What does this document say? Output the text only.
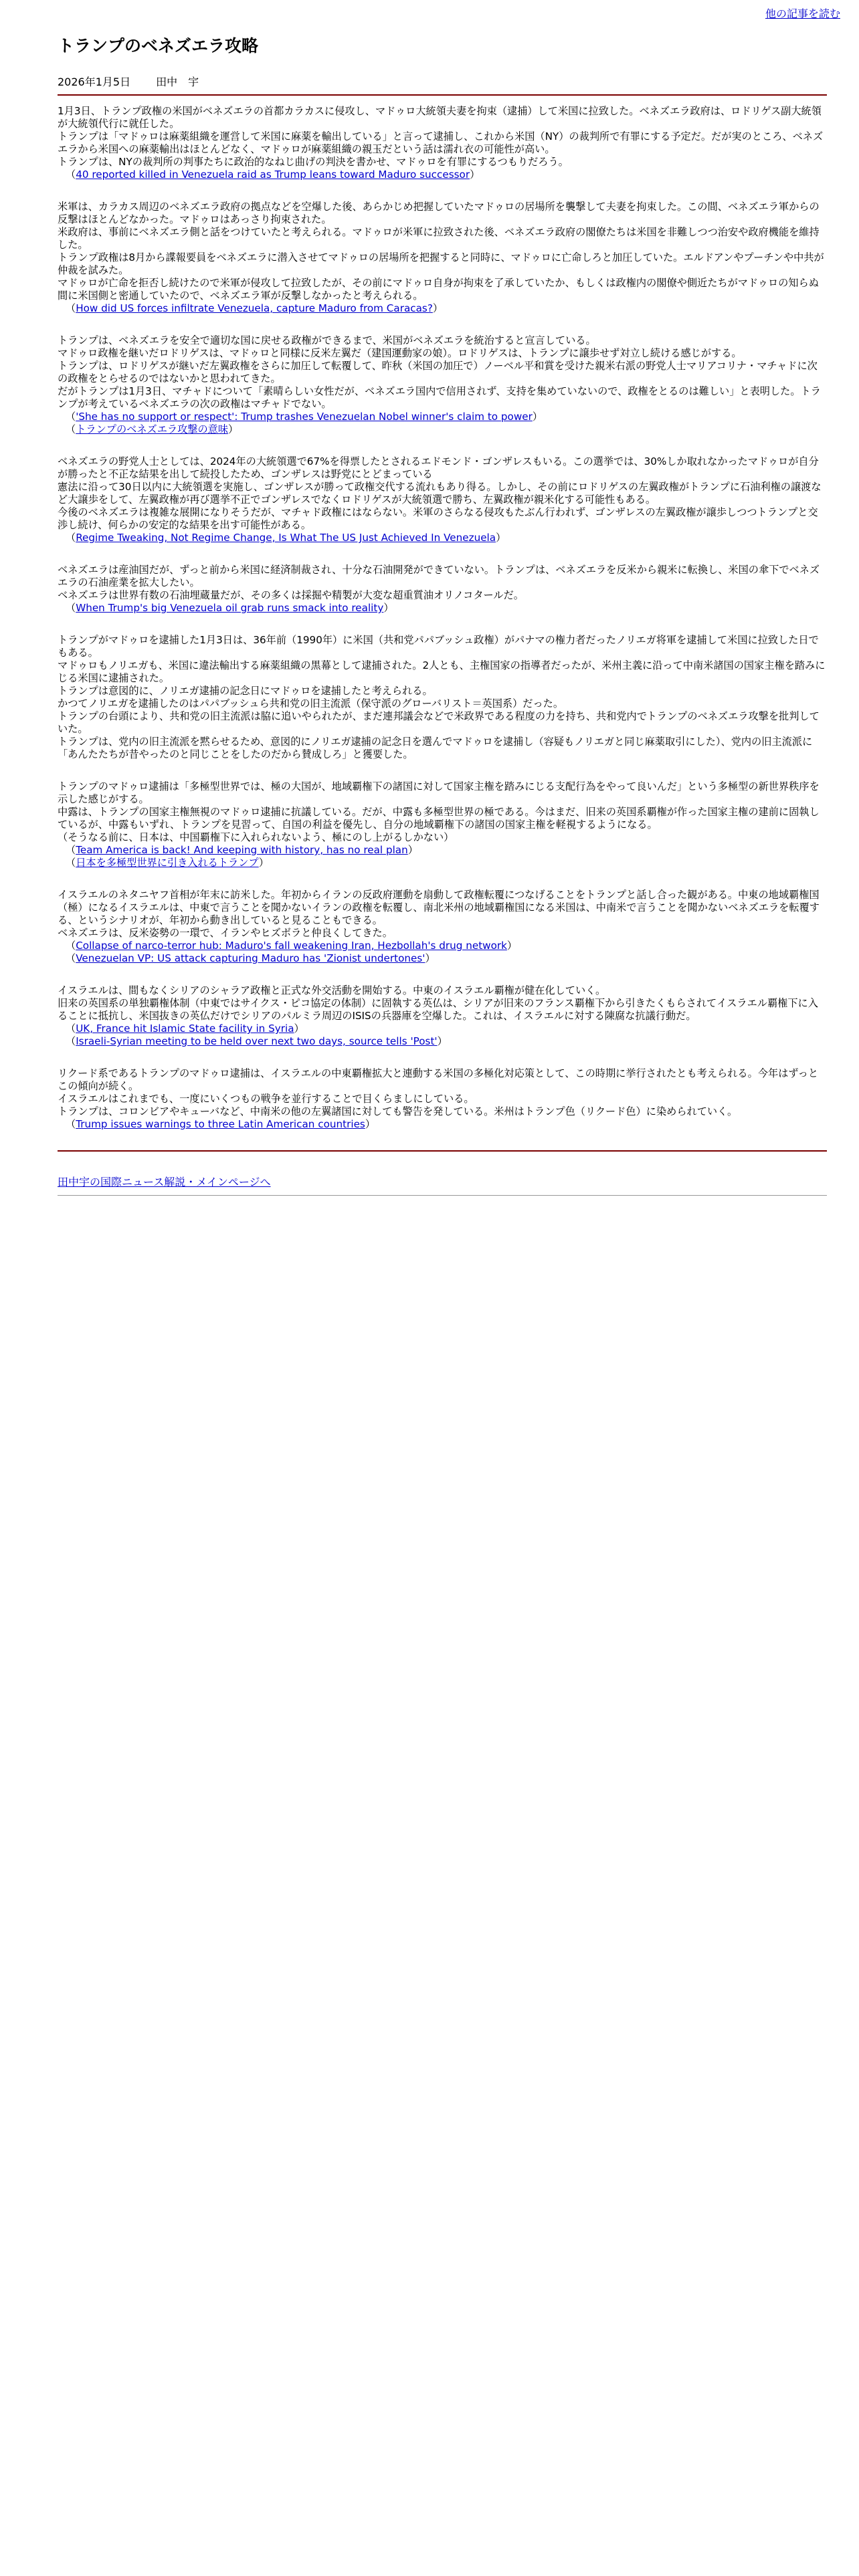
他の記事を読む
トランプのベネズエラ攻略
2026年1月5日 田中　宇
1月3日、トランプ政権の米国がベネズエラの首都カラカスに侵攻し、マドゥロ大統領夫妻を拘束（逮捕）して米国に拉致した。ベネズエラ政府は、ロドリゲス副大統領が大統領代行に就任した。
トランプは「マドゥロは麻薬組織を運営して米国に麻薬を輸出している」と言って逮捕し、これから米国（NY）の裁判所で有罪にする予定だ。だが実のところ、ベネズエラから米国への麻薬輸出はほとんどなく、マドゥロが麻薬組織の親玉だという話は濡れ衣の可能性が高い。
トランプは、NYの裁判所の判事たちに政治的なねじ曲げの判決を書かせ、マドゥロを有罪にするつもりだろう。
（40 reported killed in Venezuela raid as Trump leans toward Maduro successor）
米軍は、カラカス周辺のベネズエラ政府の拠点などを空爆した後、あらかじめ把握していたマドゥロの居場所を襲撃して夫妻を拘束した。この間、ベネズエラ軍からの反撃はほとんどなかった。マドゥロはあっさり拘束された。
米政府は、事前にベネズエラ側と話をつけていたと考えられる。マドゥロが米軍に拉致された後、ベネズエラ政府の閣僚たちは米国を非難しつつ治安や政府機能を維持した。
トランプ政権は8月から諜報要員をベネズエラに潜入させてマドゥロの居場所を把握すると同時に、マドゥロに亡命しろと加圧していた。エルドアンやプーチンや中共が仲裁を試みた。
マドゥロが亡命を拒否し続けたので米軍が侵攻して拉致したが、その前にマドゥロ自身が拘束を了承していたか、もしくは政権内の閣僚や側近たちがマドゥロの知らぬ間に米国側と密通していたので、ベネズエラ軍が反撃しなかったと考えられる。
（How did US forces infiltrate Venezuela, capture Maduro from Caracas?）
トランプは、ベネズエラを安全で適切な国に戻せる政権ができるまで、米国がベネズエラを統治すると宣言している。
マドゥロ政権を継いだロドリゲスは、マドゥロと同様に反米左翼だ（建国運動家の娘）。ロドリゲスは、トランプに譲歩せず対立し続ける感じがする。
トランプは、ロドリゲスが継いだ左翼政権をさらに加圧して転覆して、昨秋（米国の加圧で）ノーベル平和賞を受けた親米右派の野党人士マリアコリナ・マチャドに次の政権をとらせるのではないかと思われてきた。
だがトランプは1月3日、マチャドについて「素晴らしい女性だが、ベネズエラ国内で信用されず、支持を集めていないので、政権をとるのは難しい」と表明した。トランプが考えているベネズエラの次の政権はマチャドでない。
（'She has no support or respect': Trump trashes Venezuelan Nobel winner's claim to power）
（トランプのベネズエラ攻撃の意味）
ベネズエラの野党人士としては、2024年の大統領選で67%を得票したとされるエドモンド・ゴンザレスもいる。この選挙では、30%しか取れなかったマドゥロが自分が勝ったと不正な結果を出して続投したため、ゴンザレスは野党にとどまっている
憲法に沿って30日以内に大統領選を実施し、ゴンザレスが勝って政権交代する流れもあり得る。しかし、その前にロドリゲスの左翼政権がトランプに石油利権の譲渡など大譲歩をして、左翼政権が再び選挙不正でゴンザレスでなくロドリゲスが大統領選で勝ち、左翼政権が親米化する可能性もある。
今後のベネズエラは複雑な展開になりそうだが、マチャド政権にはならない。米軍のさらなる侵攻もたぶん行われず、ゴンザレスの左翼政権が譲歩しつつトランプと交渉し続け、何らかの安定的な結果を出す可能性がある。
（Regime Tweaking, Not Regime Change, Is What The US Just Achieved In Venezuela）
ベネズエラは産油国だが、ずっと前から米国に経済制裁され、十分な石油開発ができていない。トランプは、ベネズエラを反米から親米に転換し、米国の傘下でベネズエラの石油産業を拡大したい。
ベネズエラは世界有数の石油埋蔵量だが、その多くは採掘や精製が大変な超重質油オリノコタールだ。
（When Trump's big Venezuela oil grab runs smack into reality）
トランプがマドゥロを逮捕した1月3日は、36年前（1990年）に米国（共和党パパブッシュ政権）がパナマの権力者だったノリエガ将軍を逮捕して米国に拉致した日でもある。
マドゥロもノリエガも、米国に違法輸出する麻薬組織の黒幕として逮捕された。2人とも、主権国家の指導者だったが、米州主義に沿って中南米諸国の国家主権を踏みにじる米国に逮捕された。
トランプは意図的に、ノリエガ逮捕の記念日にマドゥロを逮捕したと考えられる。
かつてノリエガを逮捕したのはパパブッシュら共和党の旧主流派（保守派のグローバリスト＝英国系）だった。
トランプの台頭により、共和党の旧主流派は脇に追いやられたが、まだ連邦議会などで米政界である程度の力を持ち、共和党内でトランプのベネズエラ攻撃を批判していた。
トランプは、党内の旧主流派を黙らせるため、意図的にノリエガ逮捕の記念日を選んでマドゥロを逮捕し（容疑もノリエガと同じ麻薬取引にした）、党内の旧主流派に「あんたたちが昔やったのと同じことをしたのだから賛成しろ」と獲要した。
トランプのマドゥロ逮捕は「多極型世界では、極の大国が、地域覇権下の諸国に対して国家主権を踏みにじる支配行為をやって良いんだ」という多極型の新世界秩序を示した感じがする。
中露は、トランプの国家主権無視のマドゥロ逮捕に抗議している。だが、中露も多極型世界の極である。今はまだ、旧来の英国系覇権が作った国家主権の建前に固執しているが、中露もいずれ、トランプを見習って、自国の利益を優先し、自分の地域覇権下の諸国の国家主権を軽視するようになる。
（そうなる前に、日本は、中国覇権下に入れられないよう、極にのし上がるしかない）
（Team America is back! And keeping with history, has no real plan）
（日本を多極型世界に引き入れるトランプ）
イスラエルのネタニヤフ首相が年末に訪米した。年初からイランの反政府運動を扇動して政権転覆につなげることをトランプと話し合った観がある。中東の地域覇権国（極）になるイスラエルは、中東で言うことを聞かないイランの政権を転覆し、南北米州の地域覇権国になる米国は、中南米で言うことを聞かないベネズエラを転覆する、というシナリオが、年初から動き出していると見ることもできる。
ベネズエラは、反米姿勢の一環で、イランやヒズボラと仲良くしてきた。
（Collapse of narco-terror hub: Maduro's fall weakening Iran, Hezbollah's drug network）
（Venezuelan VP: US attack capturing Maduro has 'Zionist undertones'）
イスラエルは、間もなくシリアのシャラア政権と正式な外交活動を開始する。中東のイスラエル覇権が健在化していく。
旧来の英国系の単独覇権体制（中東ではサイクス・ピコ協定の体制）に固執する英仏は、シリアが旧来のフランス覇権下から引きたくもらされてイスラエル覇権下に入ることに抵抗し、米国抜きの英仏だけでシリアのパルミラ周辺のISISの兵器庫を空爆した。これは、イスラエルに対する陳腐な抗議行動だ。
（UK, France hit Islamic State facility in Syria）
（Israeli-Syrian meeting to be held over next two days, source tells 'Post'）
リクード系であるトランプのマドゥロ逮捕は、イスラエルの中東覇権拡大と連動する米国の多極化対応策として、この時期に挙行されたとも考えられる。今年はずっとこの傾向が続く。
イスラエルはこれまでも、一度にいくつもの戦争を並行することで目くらましにしている。
トランプは、コロンビアやキューバなど、中南米の他の左翼諸国に対しても警告を発している。米州はトランプ色（リクード色）に染められていく。
（Trump issues warnings to three Latin American countries）
田中宇の国際ニュース解説・メインページへ
